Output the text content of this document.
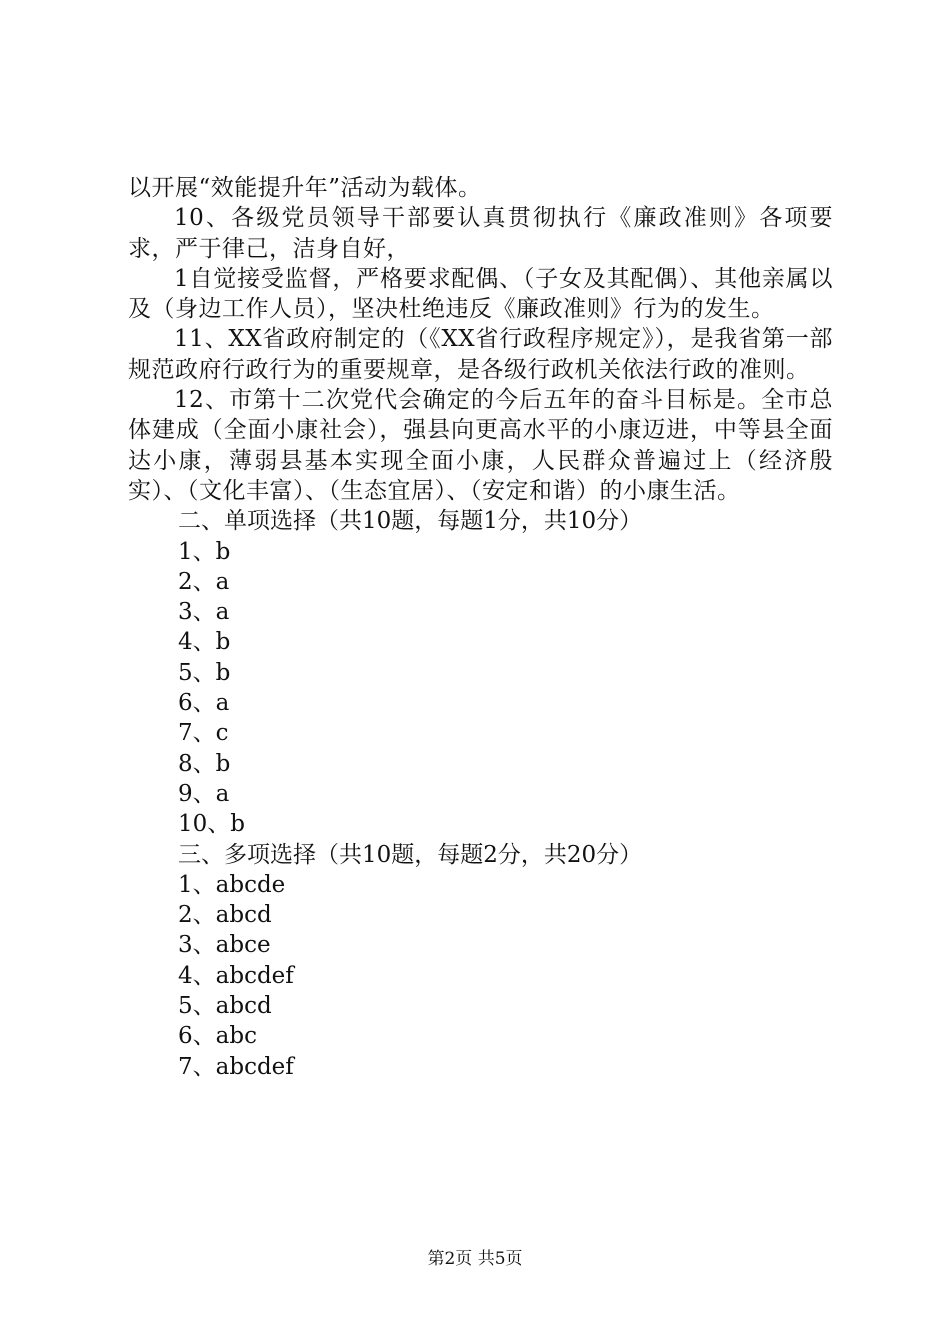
以开展“效能提升年”活动为载体。

10、各级党员领导干部要认真贯彻执行《廉政准则》各项要求，严于律己，洁身自好，

1自觉接受监督，严格要求配偶、（子女及其配偶）、其他亲属以及（身边工作人员），坚决杜绝违反《廉政准则》行为的发生。

11、XX省政府制定的（《XX省行政程序规定》），是我省第一部规范政府行政行为的重要规章，是各级行政机关依法行政的准则。

12、市第十二次党代会确定的今后五年的奋斗目标是。全市总体建成（全面小康社会），强县向更高水平的小康迈进，中等县全面达小康，薄弱县基本实现全面小康，人民群众普遍过上（经济殷实）、（文化丰富）、（生态宜居）、（安定和谐）的小康生活。

二、单项选择（共10题，每题1分，共10分）

1、b

2、a

3、a

4、b

5、b

6、a

7、c

8、b

9、a

10、b

三、多项选择（共10题，每题2分，共20分）

1、abcde

2、abcd

3、abce

4、abcdef

5、abcd

6、abc

7、abcdef

第2页 共5页
